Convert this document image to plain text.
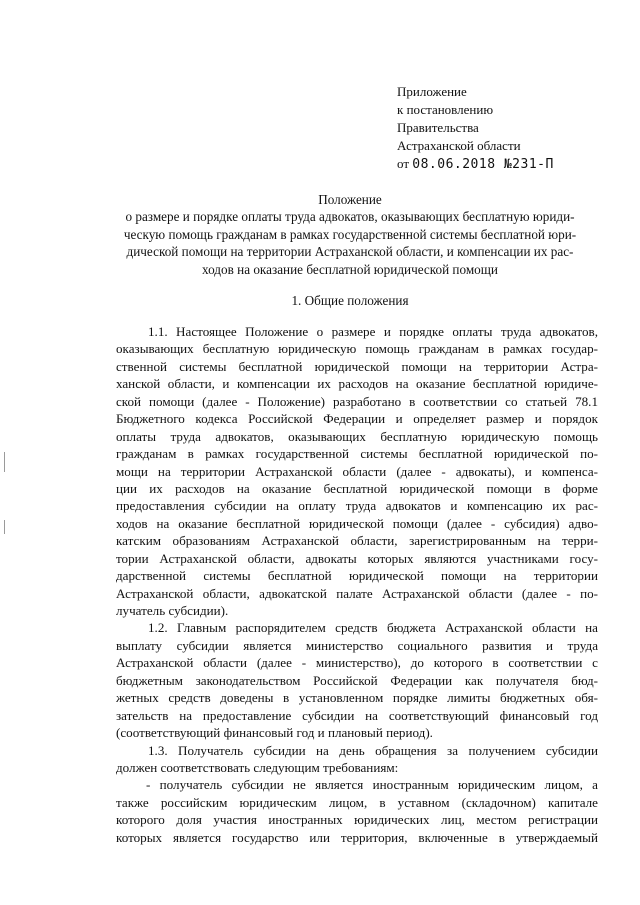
Приложение
к постановлению
Правительства
Астраханской области
от 08.06.2018 №231-П
Положение
о размере и порядке оплаты труда адвокатов, оказывающих бесплатную юриди-
ческую помощь гражданам в рамках государственной системы бесплатной юри-
дической помощи на территории Астраханской области, и компенсации их рас-
ходов на оказание бесплатной юридической помощи
1. Общие положения
1.1. Настоящее Положение о размере и порядке оплаты труда адвокатов,
оказывающих бесплатную юридическую помощь гражданам в рамках государ-
ственной системы бесплатной юридической помощи на территории Астра-
ханской области, и компенсации их расходов на оказание бесплатной юридиче-
ской помощи (далее - Положение) разработано в соответствии со статьей 78.1
Бюджетного кодекса Российской Федерации и определяет размер и порядок
оплаты труда адвокатов, оказывающих бесплатную юридическую помощь
гражданам в рамках государственной системы бесплатной юридической по-
мощи на территории Астраханской области (далее - адвокаты), и компенса-
ции их расходов на оказание бесплатной юридической помощи в форме
предоставления субсидии на оплату труда адвокатов и компенсацию их рас-
ходов на оказание бесплатной юридической помощи (далее - субсидия) адво-
катским образованиям Астраханской области, зарегистрированным на терри-
тории Астраханской области, адвокаты которых являются участниками госу-
дарственной системы бесплатной юридической помощи на территории
Астраханской области, адвокатской палате Астраханской области (далее - по-
лучатель субсидии).
1.2. Главным распорядителем средств бюджета Астраханской области на
выплату субсидии является министерство социального развития и труда
Астраханской области (далее - министерство), до которого в соответствии с
бюджетным законодательством Российской Федерации как получателя бюд-
жетных средств доведены в установленном порядке лимиты бюджетных обя-
зательств на предоставление субсидии на соответствующий финансовый год
(соответствующий финансовый год и плановый период).
1.3. Получатель субсидии на день обращения за получением субсидии
должен соответствовать следующим требованиям:
- получатель субсидии не является иностранным юридическим лицом, а
также российским юридическим лицом, в уставном (складочном) капитале
которого доля участия иностранных юридических лиц, местом регистрации
которых является государство или территория, включенные в утверждаемый
